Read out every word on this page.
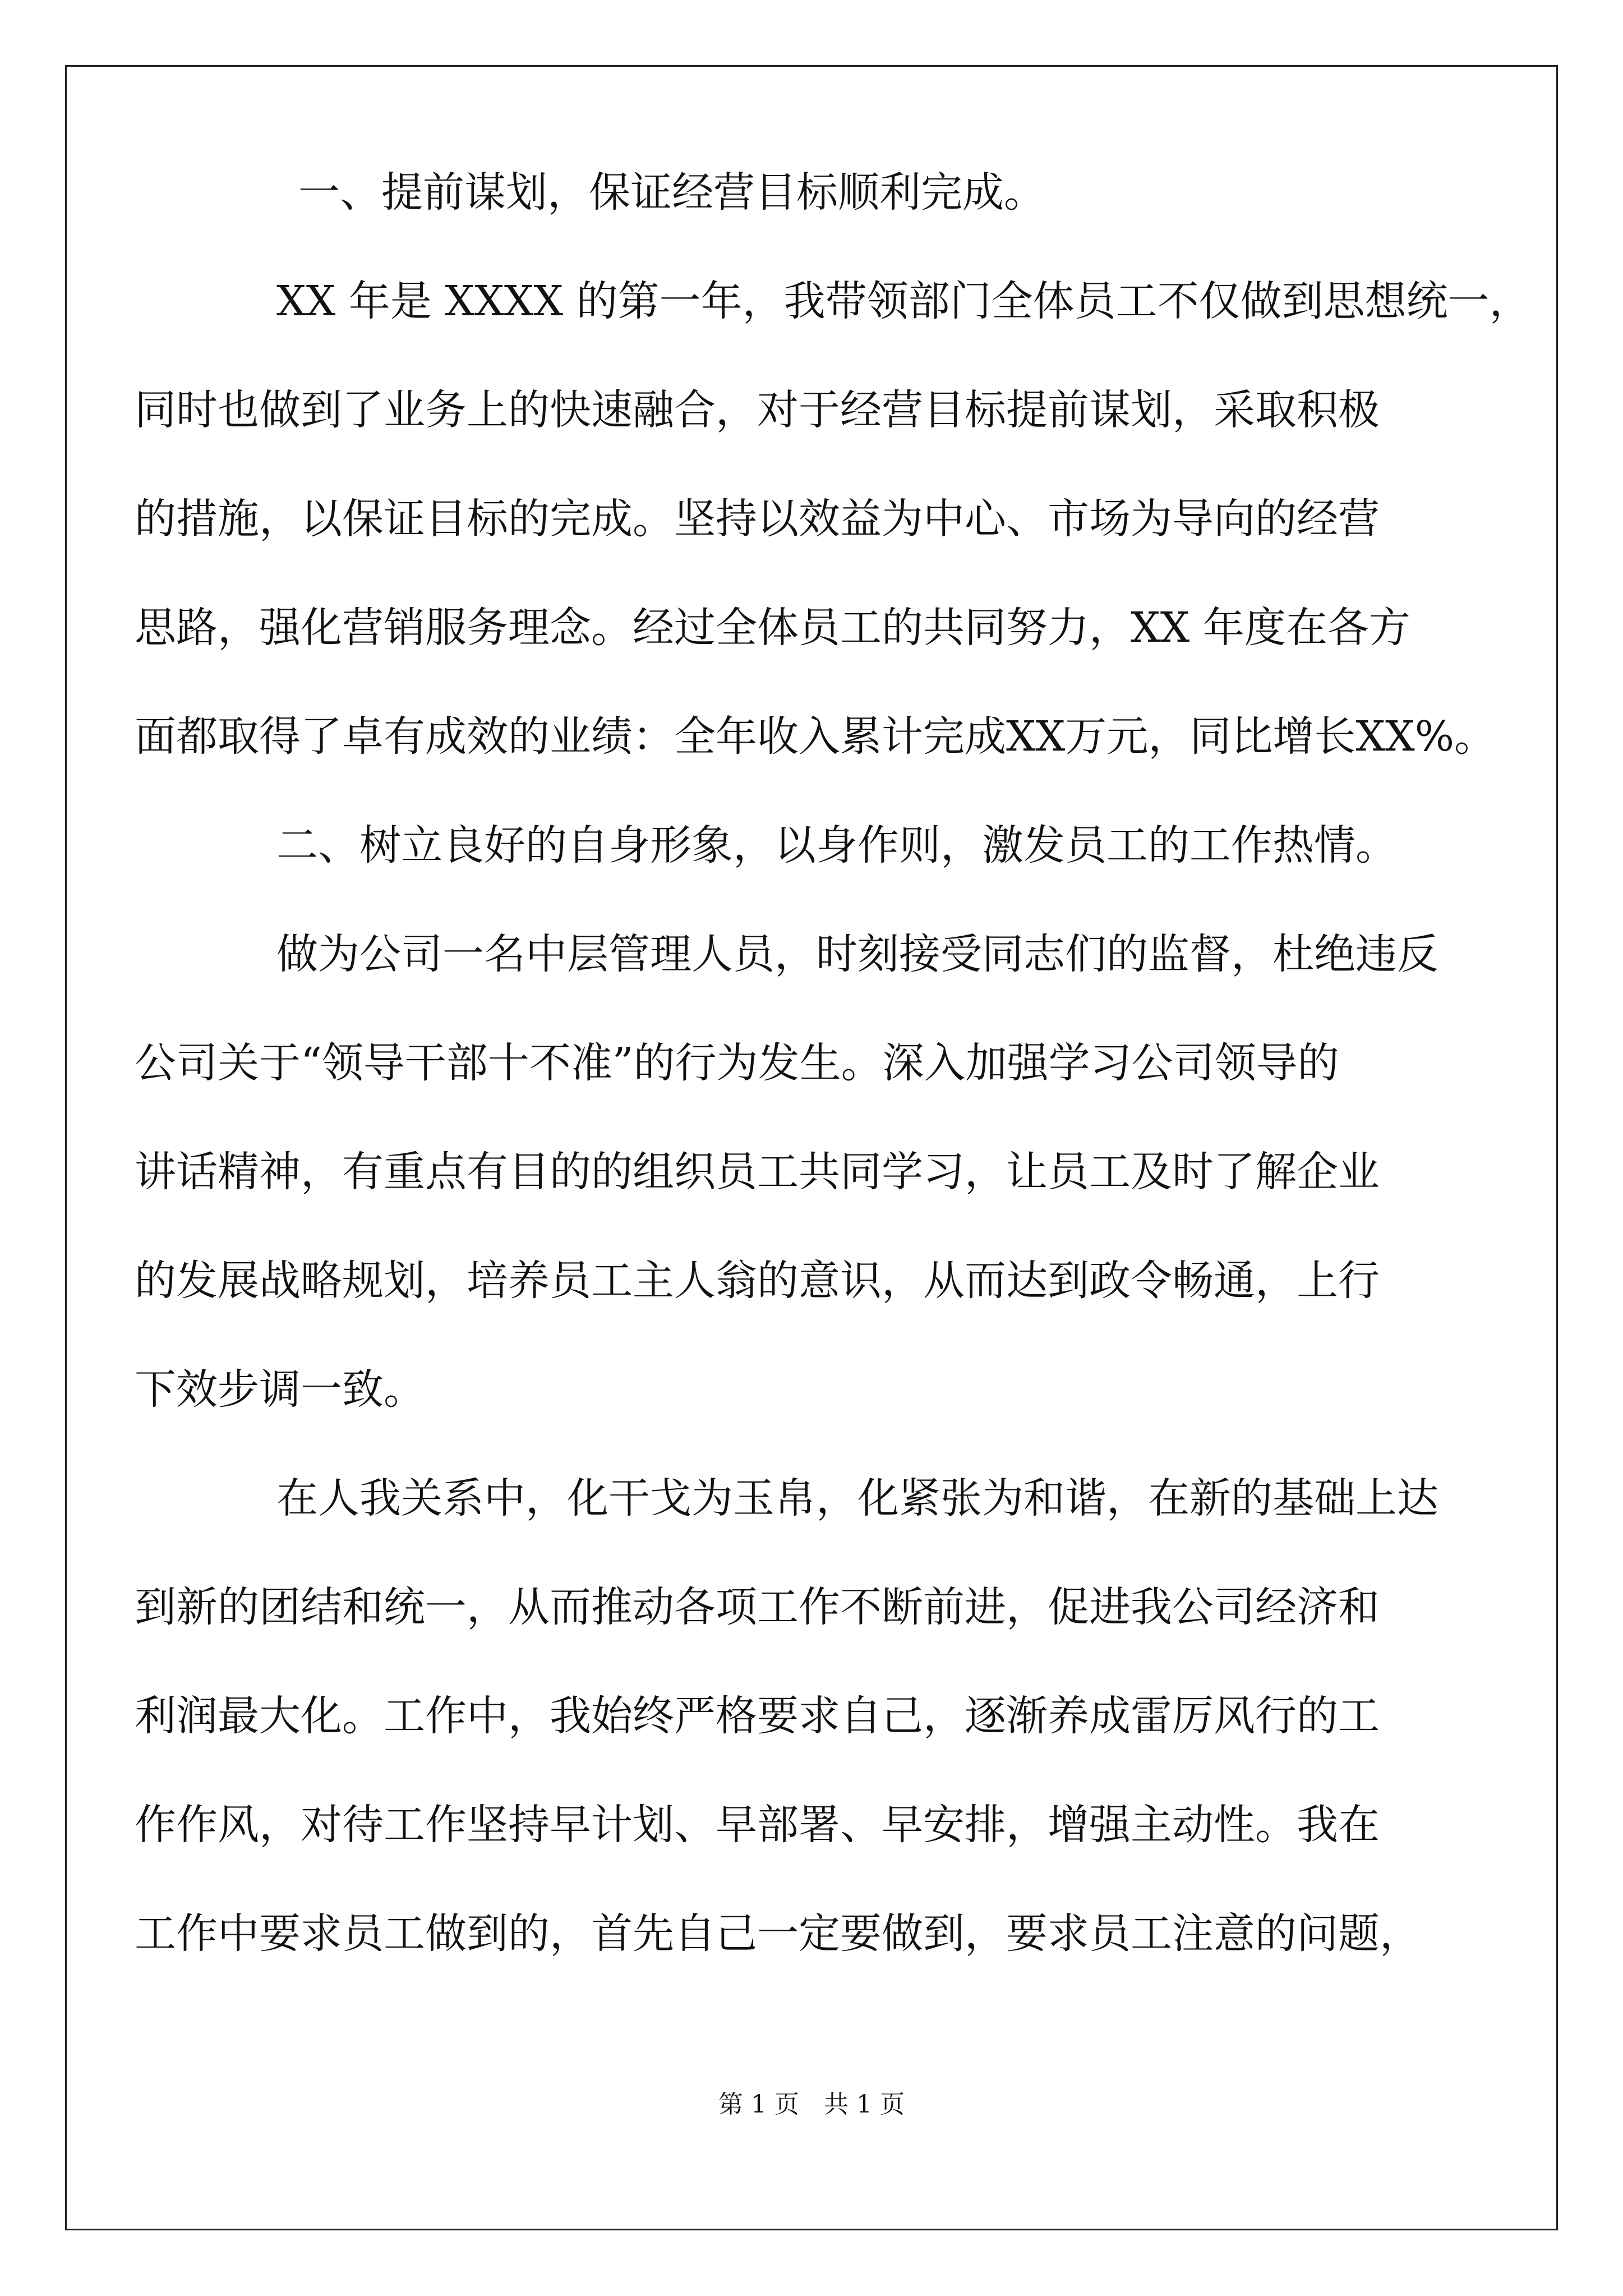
一、提前谋划，保证经营目标顺利完成。
XX 年是 XXXX 的第一年，我带领部门全体员工不仅做到思想统一，
同时也做到了业务上的快速融合，对于经营目标提前谋划，采取积极
的措施，以保证目标的完成。坚持以效益为中心、市场为导向的经营
思路，强化营销服务理念。经过全体员工的共同努力，XX 年度在各方
面都取得了卓有成效的业绩：全年收入累计完成XX万元，同比增长XX%。
二、树立良好的自身形象，以身作则，激发员工的工作热情。
做为公司一名中层管理人员，时刻接受同志们的监督，杜绝违反
公司关于“领导干部十不准”的行为发生。深入加强学习公司领导的
讲话精神，有重点有目的的组织员工共同学习，让员工及时了解企业
的发展战略规划，培养员工主人翁的意识，从而达到政令畅通，上行
下效步调一致。
在人我关系中，化干戈为玉帛，化紧张为和谐，在新的基础上达
到新的团结和统一，从而推动各项工作不断前进，促进我公司经济和
利润最大化。工作中，我始终严格要求自己，逐渐养成雷厉风行的工
作作风，对待工作坚持早计划、早部署、早安排，增强主动性。我在
工作中要求员工做到的，首先自己一定要做到，要求员工注意的问题，
第 1 页　共 1 页
